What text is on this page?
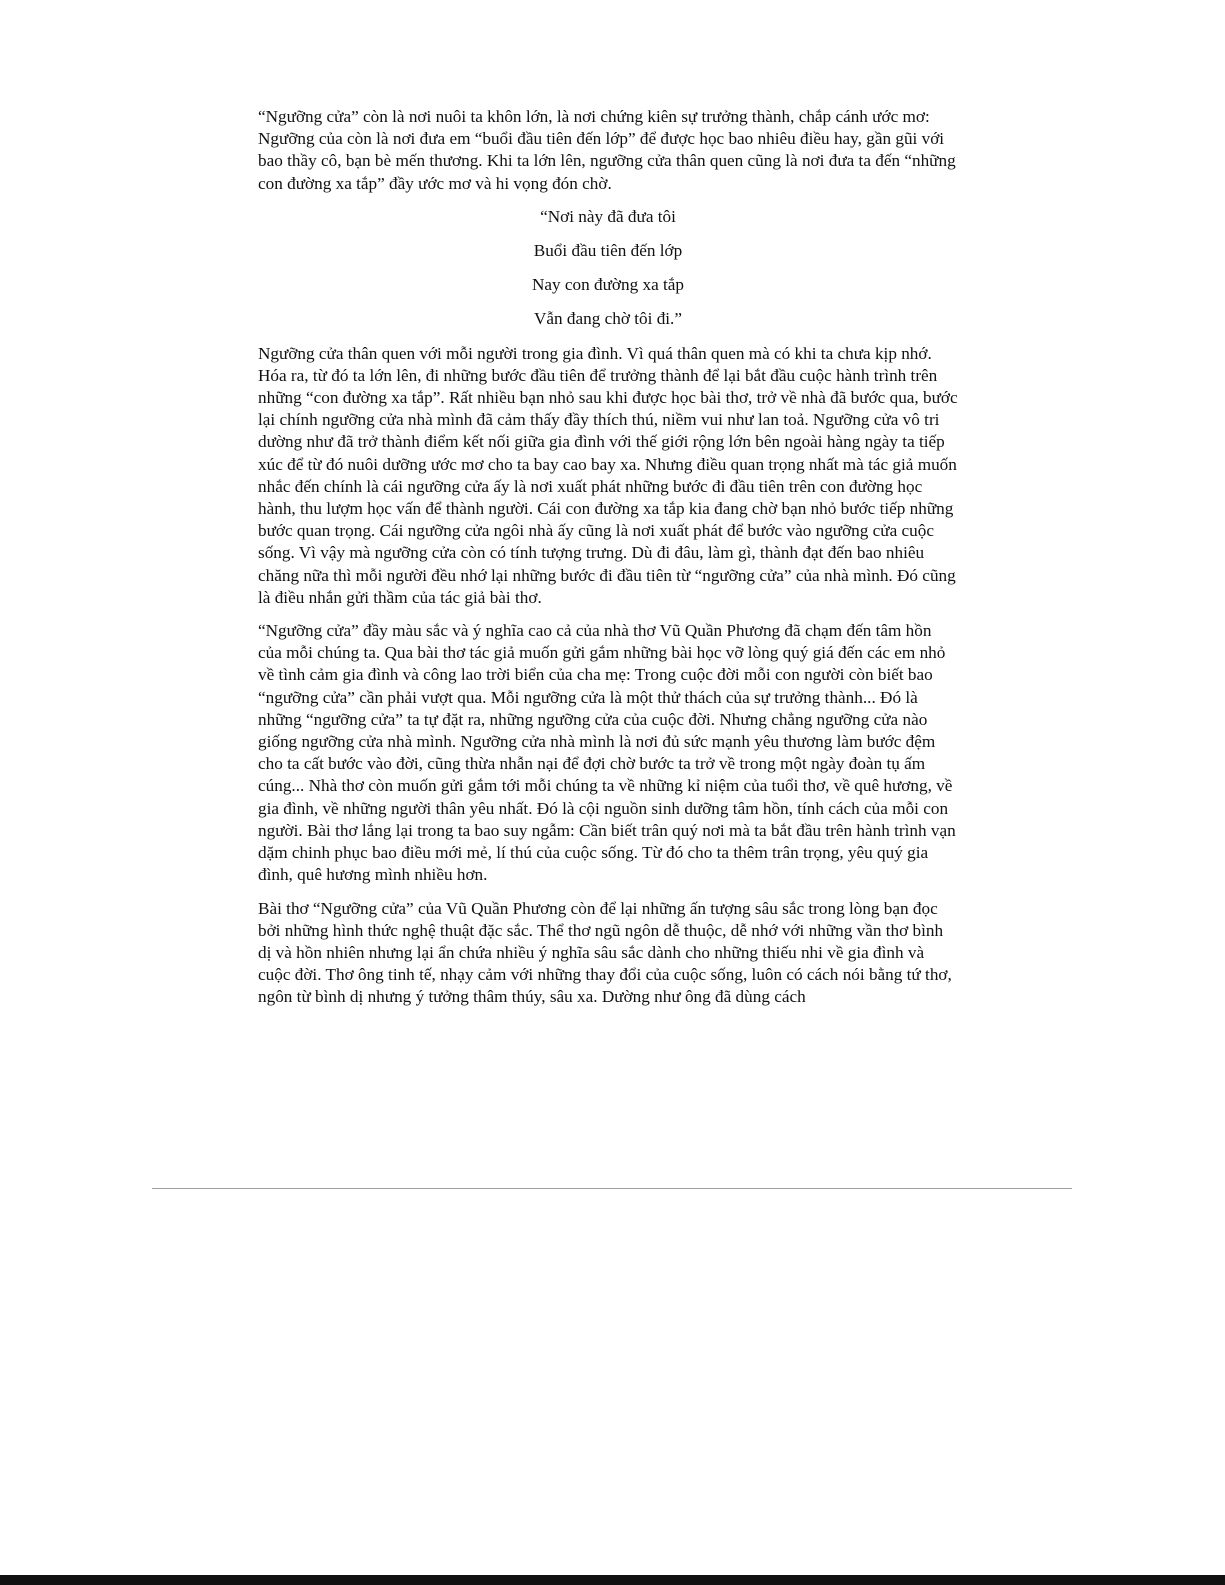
“Ngưỡng cửa” còn là nơi nuôi ta khôn lớn, là nơi chứng kiên sự trưởng thành, chắp cánh ước mơ: Ngưỡng của còn là nơi đưa em “buổi đầu tiên đến lớp” để được học bao nhiêu điều hay, gần gũi với bao thầy cô, bạn bè mến thương. Khi ta lớn lên, ngưỡng cửa thân quen cũng là nơi đưa ta đến “những con đường xa tắp” đầy ước mơ và hi vọng đón chờ.

“Nơi này đã đưa tôi
Buổi đầu tiên đến lớp
Nay con đường xa tắp
Vẫn đang chờ tôi đi.”

Ngưỡng cửa thân quen với mỗi người trong gia đình. Vì quá thân quen mà có khi ta chưa kịp nhớ. Hóa ra, từ đó ta lớn lên, đi những bước đầu tiên để trưởng thành để lại bắt đầu cuộc hành trình trên những “con đường xa tắp”. Rất nhiều bạn nhỏ sau khi được học bài thơ, trở về nhà đã bước qua, bước lại chính ngưỡng cửa nhà mình đã cảm thấy đầy thích thú, niềm vui như lan toả. Ngưỡng cửa vô tri dường như đã trở thành điểm kết nối giữa gia đình với thế giới rộng lớn bên ngoài hàng ngày ta tiếp xúc để từ đó nuôi dưỡng ước mơ cho ta bay cao bay xa. Nhưng điều quan trọng nhất mà tác giả muốn nhắc đến chính là cái ngưỡng cửa ấy là nơi xuất phát những bước đi đầu tiên trên con đường học hành, thu lượm học vấn để thành người. Cái con đường xa tắp kia đang chờ bạn nhỏ bước tiếp những bước quan trọng. Cái ngưỡng cửa ngôi nhà ấy cũng là nơi xuất phát để bước vào ngưỡng cửa cuộc sống. Vì vậy mà ngưỡng cửa còn có tính tượng trưng. Dù đi đâu, làm gì, thành đạt đến bao nhiêu chăng nữa thì mỗi người đều nhớ lại những bước đi đầu tiên từ “ngưỡng cửa” của nhà mình. Đó cũng là điều nhắn gửi thầm của tác giả bài thơ.

“Ngưỡng cửa” đầy màu sắc và ý nghĩa cao cả của nhà thơ Vũ Quần Phương đã chạm đến tâm hồn của mỗi chúng ta. Qua bài thơ tác giả muốn gửi gắm những bài học vỡ lòng quý giá đến các em nhỏ về tình cảm gia đình và công lao trời biển của cha mẹ: Trong cuộc đời mỗi con người còn biết bao “ngưỡng cửa” cần phải vượt qua. Mỗi ngưỡng cửa là một thử thách của sự trưởng thành... Đó là những “ngưỡng cửa” ta tự đặt ra, những ngưỡng cửa của cuộc đời. Nhưng chẳng ngưỡng cửa nào giống ngưỡng cửa nhà mình. Ngưỡng cửa nhà mình là nơi đủ sức mạnh yêu thương làm bước đệm cho ta cất bước vào đời, cũng thừa nhẫn nại để đợi chờ bước ta trở về trong một ngày đoàn tụ ấm cúng... Nhà thơ còn muốn gửi gắm tới mỗi chúng ta về những kỉ niệm của tuổi thơ, về quê hương, về gia đình, về những người thân yêu nhất. Đó là cội nguồn sinh dưỡng tâm hồn, tính cách của mỗi con người. Bài thơ lắng lại trong ta bao suy ngẫm: Cần biết trân quý nơi mà ta bắt đầu trên hành trình vạn dặm chinh phục bao điều mới mẻ, lí thú của cuộc sống. Từ đó cho ta thêm trân trọng, yêu quý gia đình, quê hương mình nhiều hơn.

Bài thơ “Ngưỡng cửa” của Vũ Quần Phương còn để lại những ấn tượng sâu sắc trong lòng bạn đọc bởi những hình thức nghệ thuật đặc sắc. Thể thơ ngũ ngôn dễ thuộc, dễ nhớ với những vần thơ bình dị và hồn nhiên nhưng lại ẩn chứa nhiều ý nghĩa sâu sắc dành cho những thiếu nhi về gia đình và cuộc đời. Thơ ông tinh tế, nhạy cảm với những thay đổi của cuộc sống, luôn có cách nói bằng tứ thơ, ngôn từ bình dị nhưng ý tưởng thâm thúy, sâu xa. Dường như ông đã dùng cách
